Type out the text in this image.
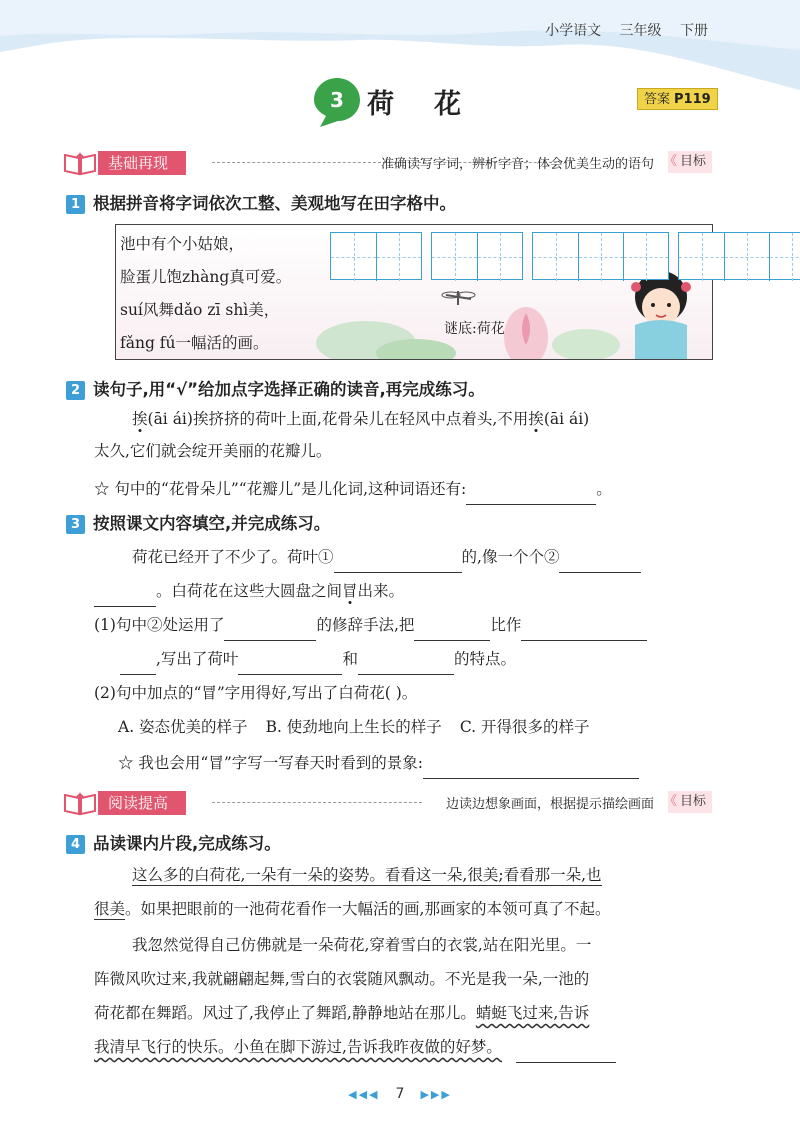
小学语文 三年级 下册
3 荷花	答案 P119
基础再现	准确读写字词，辨析字音；体会优美生动的语句	《 目标
1 根据拼音将字词依次工整、美观地写在田字格中。
池中有个小姑娘，
脸蛋儿饱zhàng真可爱。
suí风舞dǎo zī shì美，
fǎng fú一幅活的画。
谜底:荷花
2 读句子,用“√”给加点字选择正确的读音,再完成练习。
挨(āi ái)挨挤挤的荷叶上面,花骨朵儿在轻风中点着头,不用挨(āi ái)
太久,它们就会绽开美丽的花瓣儿。
☆ 句中的“花骨朵儿”“花瓣儿”是儿化词,这种词语还有:	。
3 按照课文内容填空,并完成练习。
荷花已经开了不少了。荷叶①	的,像一个个②
。白荷花在这些大圆盘之间冒出来。
(1)句中②处运用了	的修辞手法,把	比作
,写出了荷叶	和	的特点。
(2)句中加点的“冒”字用得好,写出了白荷花( )。
A. 姿态优美的样子 B. 使劲地向上生长的样子 C. 开得很多的样子
☆ 我也会用“冒”字写一写春天时看到的景象:
阅读提高	边读边想象画面，根据提示描绘画面	《 目标
4 品读课内片段,完成练习。
这么多的白荷花,一朵有一朵的姿势。看看这一朵,很美;看看那一朵,也
很美。如果把眼前的一池荷花看作一大幅活的画,那画家的本领可真了不起。
我忽然觉得自己仿佛就是一朵荷花,穿着雪白的衣裳,站在阳光里。一
阵微风吹过来,我就翩翩起舞,雪白的衣裳随风飘动。不光是我一朵,一池的
荷花都在舞蹈。风过了,我停止了舞蹈,静静地站在那儿。蜻蜓飞过来,告诉
我清早飞行的快乐。小鱼在脚下游过,告诉我昨夜做的好梦。
◀◀◀ 7 ▶▶▶
